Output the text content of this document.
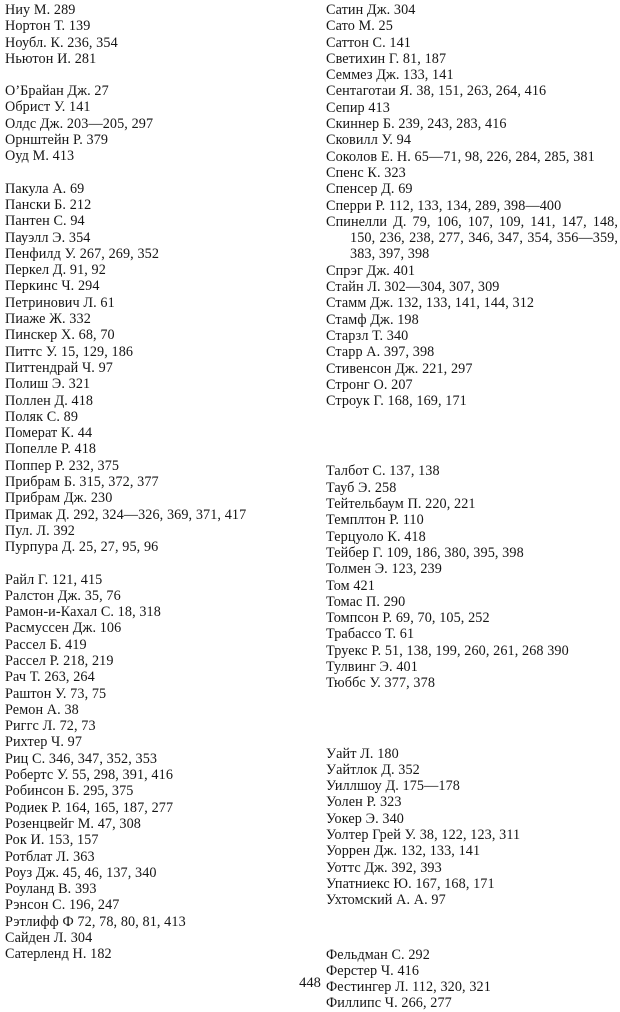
Ниу М. 289
Нортон Т. 139
Ноубл. К. 236, 354
Ньютон И. 281
О’Брайан Дж. 27
Обрист У. 141
Олдс Дж. 203—205, 297
Орнштейн Р. 379
Оуд М. 413
Пакула А. 69
Пански Б. 212
Пантен С. 94
Пауэлл Э. 354
Пенфилд У. 267, 269, 352
Перкел Д. 91, 92
Перкинс Ч. 294
Петринович Л. 61
Пиаже Ж. 332
Пинскер Х. 68, 70
Питтс У. 15, 129, 186
Питтендрай Ч. 97
Полиш Э. 321
Поллен Д. 418
Поляк С. 89
Померат К. 44
Попелле Р. 418
Поппер Р. 232, 375
Прибрам Б. 315, 372, 377
Прибрам Дж. 230
Примак Д. 292, 324—326, 369, 371, 417
Пул. Л. 392
Пурпура Д. 25, 27, 95, 96
Райл Г. 121, 415
Ралстон Дж. 35, 76
Рамон-и-Кахал С. 18, 318
Расмуссен Дж. 106
Рассел Б. 419
Рассел Р. 218, 219
Рач Т. 263, 264
Раштон У. 73, 75
Ремон А. 38
Риггс Л. 72, 73
Рихтер Ч. 97
Риц С. 346, 347, 352, 353
Робертс У. 55, 298, 391, 416
Робинсон Б. 295, 375
Родиек Р. 164, 165, 187, 277
Розенцвейг М. 47, 308
Рок И. 153, 157
Ротблат Л. 363
Роуз Дж. 45, 46, 137, 340
Роуланд В. 393
Рэнсон С. 196, 247
Рэтлифф Ф 72, 78, 80, 81, 413
Сайден Л. 304
Сатерленд Н. 182
Сатин Дж. 304
Сато М. 25
Саттон С. 141
Светихин Г. 81, 187
Семмез Дж. 133, 141
Сентаготаи Я. 38, 151, 263, 264, 416
Сепир 413
Скиннер Б. 239, 243, 283, 416
Сковилл У. 94
Соколов Е. Н. 65—71, 98, 226, 284, 285, 381
Спенс К. 323
Спенсер Д. 69
Сперри Р. 112, 133, 134, 289, 398—400
Спинелли Д. 79, 106, 107, 109, 141, 147, 148, 150, 236, 238, 277, 346, 347, 354, 356—359, 383, 397, 398
Спрэг Дж. 401
Стайн Л. 302—304, 307, 309
Стамм Дж. 132, 133, 141, 144, 312
Стамф Дж. 198
Старзл Т. 340
Старр А. 397, 398
Стивенсон Дж. 221, 297
Стронг О. 207
Строук Г. 168, 169, 171
Талбот С. 137, 138
Тауб Э. 258
Тейтельбаум П. 220, 221
Темплтон Р. 110
Терцуоло К. 418
Тейбер Г. 109, 186, 380, 395, 398
Толмен Э. 123, 239
Том 421
Томас П. 290
Томпсон Р. 69, 70, 105, 252
Трабассо Т. 61
Труекс Р. 51, 138, 199, 260, 261, 268 390
Тулвинг Э. 401
Тюббс У. 377, 378
Уайт Л. 180
Уайтлок Д. 352
Уиллшоу Д. 175—178
Уолен Р. 323
Уокер Э. 340
Уолтер Грей У. 38, 122, 123, 311
Уоррен Дж. 132, 133, 141
Уоттс Дж. 392, 393
Упатниекс Ю. 167, 168, 171
Ухтомский А. А. 97
Фельдман С. 292
Ферстер Ч. 416
Фестингер Л. 112, 320, 321
Филлипс Ч. 266, 277
448
